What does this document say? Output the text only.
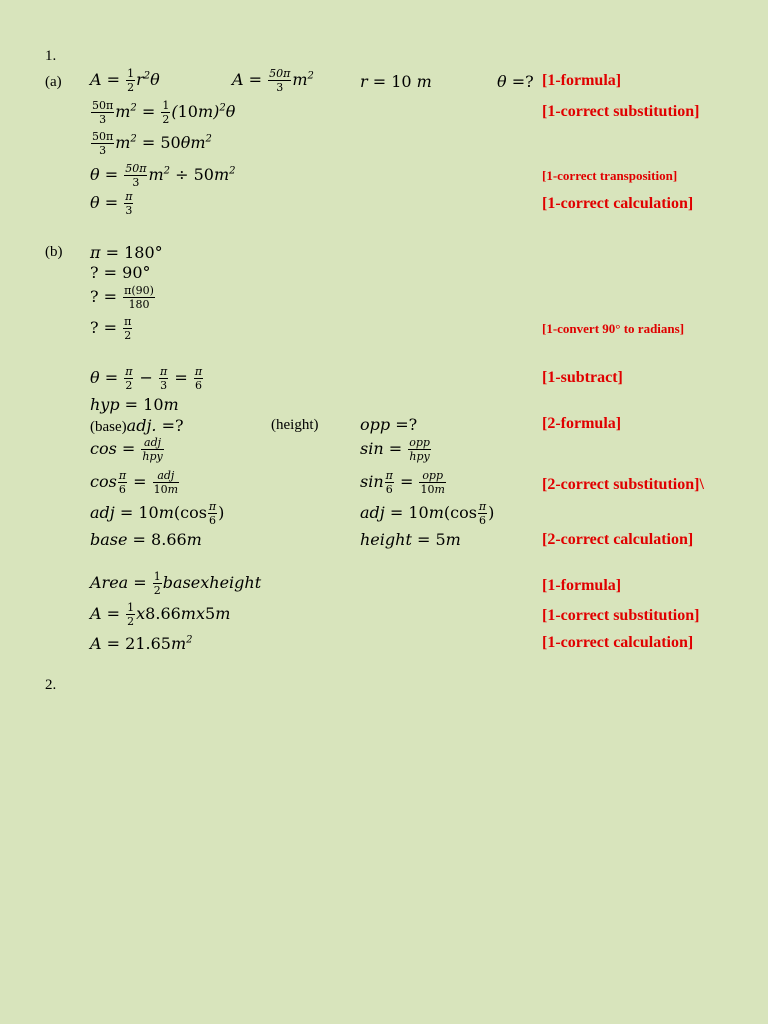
1.
(a) $A = \frac{1}{2} r^2\theta$	$A = \frac{50\pi}{3} m^2$	r = 10 m	θ =? [1-formula]
$\frac{50\pi}{3} m^2 = \frac{1}{2} (10m)^2\theta$	[1-correct substitution]
$\frac{50\pi}{3} m^2 = 50\theta m^2$
$\theta = \frac{50\pi}{3} m^2 \div 50m^2$	[1-correct transposition]
$\theta = \frac{\pi}{3}$	[1-correct calculation]
(b) π = 180°
? = 90°
? = $\frac{\pi(90)}{180}$
? = $\frac{\pi}{2}$	[1-convert 90° to radians]
$\theta = \frac{\pi}{2} - \frac{\pi}{3} = \frac{\pi}{6}$	[1-subtract]
hyp = 10m
(base)adj. =?	(height)	opp =?	[2-formula]
$\cos = \frac{\text{adj}}{\text{hpy}}$	$\sin = \frac{\text{opp}}{\text{hpy}}$
$\cos \frac{\pi}{6} = \frac{\text{adj}}{10m}$	$\sin \frac{\pi}{6} = \frac{\text{opp}}{10m}$	[2-correct substitution]\
adj = $10m(\cos \frac{\pi}{6}$ )	adj = $10m(\cos \frac{\pi}{6}$ )
base = 8.66m	height = 5m	[2-correct calculation]
Area = $\frac{1}{2}$ basexheight	[1-formula]
$A = \frac{1}{2} x8.66mx5m$	[1-correct substitution]
$A = 21.65m^2$	[1-correct calculation]
2.
